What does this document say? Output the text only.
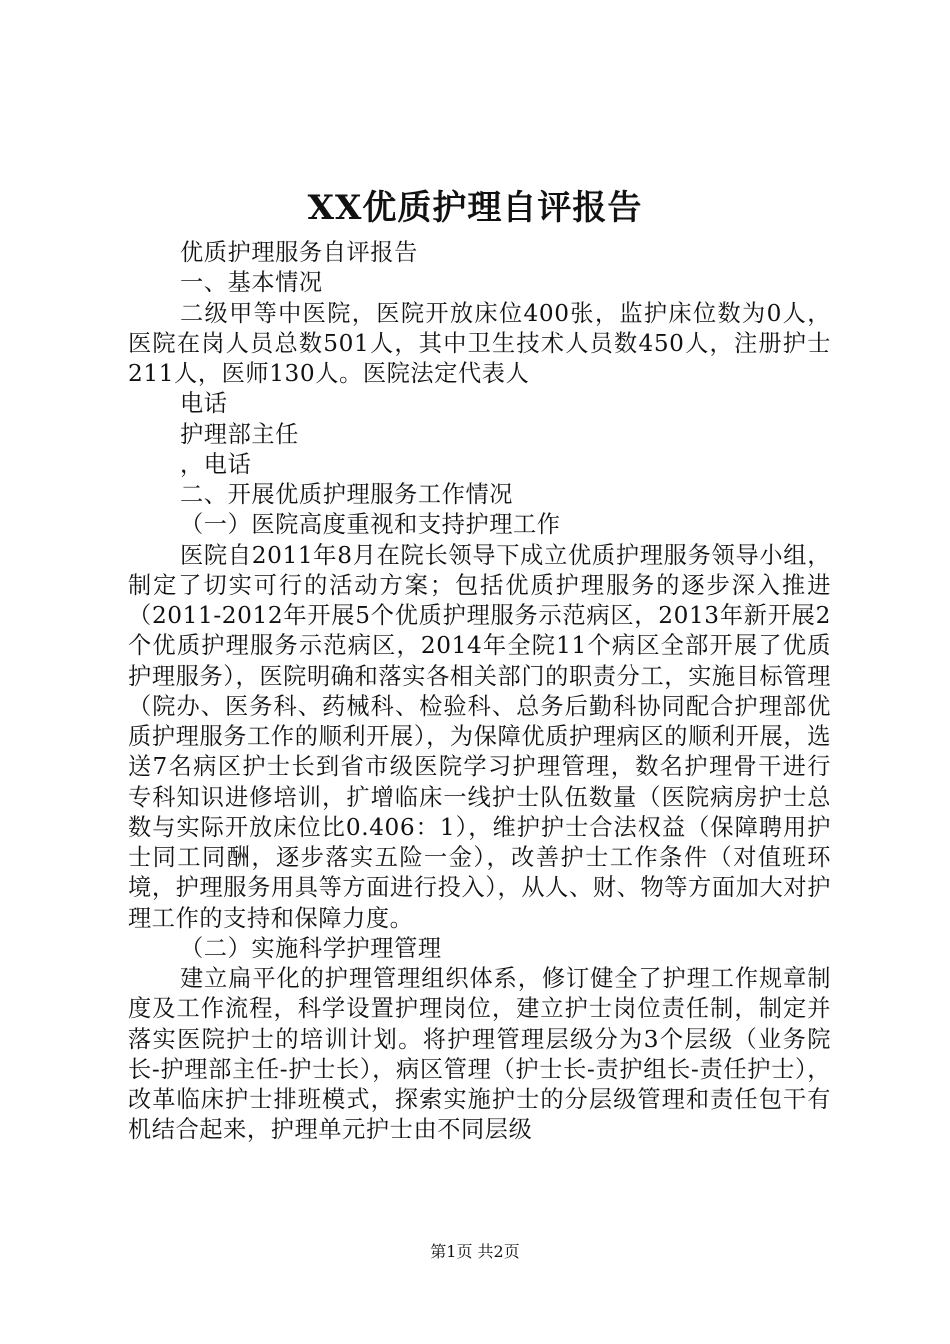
XX优质护理自评报告

优质护理服务自评报告

一、基本情况

二级甲等中医院，医院开放床位400张，监护床位数为0人，医院在岗人员总数501人，其中卫生技术人员数450人，注册护士211人，医师130人。医院法定代表人

电话

护理部主任

，电话

二、开展优质护理服务工作情况

（一）医院高度重视和支持护理工作

医院自2011年8月在院长领导下成立优质护理服务领导小组，制定了切实可行的活动方案；包括优质护理服务的逐步深入推进（2011-2012年开展5个优质护理服务示范病区，2013年新开展2个优质护理服务示范病区，2014年全院11个病区全部开展了优质护理服务），医院明确和落实各相关部门的职责分工，实施目标管理（院办、医务科、药械科、检验科、总务后勤科协同配合护理部优质护理服务工作的顺利开展），为保障优质护理病区的顺利开展，选送7名病区护士长到省市级医院学习护理管理，数名护理骨干进行专科知识进修培训，扩增临床一线护士队伍数量（医院病房护士总数与实际开放床位比0.406：1），维护护士合法权益（保障聘用护士同工同酬，逐步落实五险一金），改善护士工作条件（对值班环境，护理服务用具等方面进行投入），从人、财、物等方面加大对护理工作的支持和保障力度。

（二）实施科学护理管理

建立扁平化的护理管理组织体系，修订健全了护理工作规章制度及工作流程，科学设置护理岗位，建立护士岗位责任制，制定并落实医院护士的培训计划。将护理管理层级分为3个层级（业务院长-护理部主任-护士长），病区管理（护士长-责护组长-责任护士），改革临床护士排班模式，探索实施护士的分层级管理和责任包干有机结合起来，护理单元护士由不同层级

第1页 共2页
